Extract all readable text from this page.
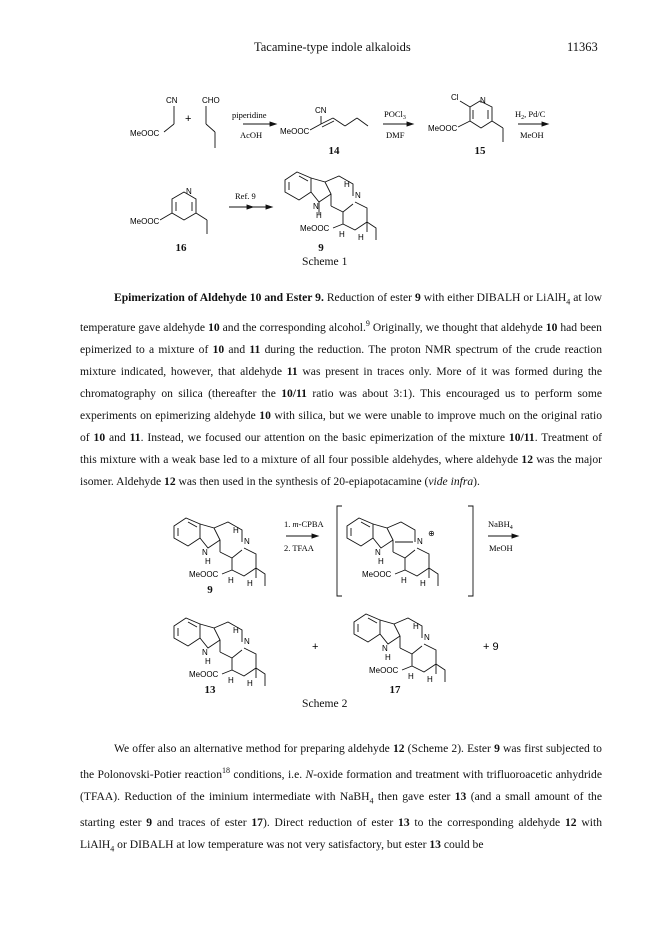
Tacamine-type indole alkaloids	11363
CN
MeOOC
+
CHO
piperidine
AcOH
CN
MeOOC
POCl$_3$
DMF
Cl	N
MeOOC
$H_2$, Pd/C
MeOH
N
MeOOC
Ref. 9
N
H
H
N
MeOOC
H H
14	15
16	9
Scheme 1

Epimerization of Aldehyde 10 and Ester 9. Reduction of ester 9 with either DIBALH or LiAlH$_4$ at low temperature gave aldehyde 10 and the corresponding alcohol.$^9$ Originally, we thought that aldehyde 10 had been epimerized to a mixture of 10 and 11 during the reduction. The proton NMR spectrum of the crude reaction mixture indicated, however, that aldehyde 11 was present in traces only. More of it was formed during the chromatography on silica (thereafter the 10/11 ratio was about 3:1). This encouraged us to perform some experiments on epimerizing aldehyde 10 with silica, but we were unable to improve much on the original ratio of 10 and 11. Instead, we focused our attention on the basic epimerization of the mixture 10/11. Treatment of this mixture with a weak base led to a mixture of all four possible aldehydes, where aldehyde 12 was the major isomer. Aldehyde 12 was then used in the synthesis of 20-epiapotacamine (vide infra).

N
H
H
N
MeOOC
H H
1. m-CPBA
2. TFAA	N
H
N
⊕
MeOOC
H H
NaBH$_4$
MeOH
N
H
H
N
MeOOC
H H
+	N
H
H
N
MeOOC
H H
+ 9
9
13	17
Scheme 2

We offer also an alternative method for preparing aldehyde 12 (Scheme 2). Ester 9 was first subjected to the Polonovski-Potier reaction$^{18}$ conditions, i.e. N-oxide formation and treatment with trifluoroacetic anhydride (TFAA). Reduction of the iminium intermediate with NaBH$_4$ then gave ester 13 (and a small amount of the starting ester 9 and traces of ester 17). Direct reduction of ester 13 to the corresponding aldehyde 12 with LiAlH$_4$ or DIBALH at low temperature was not very satisfactory, but ester 13 could be
